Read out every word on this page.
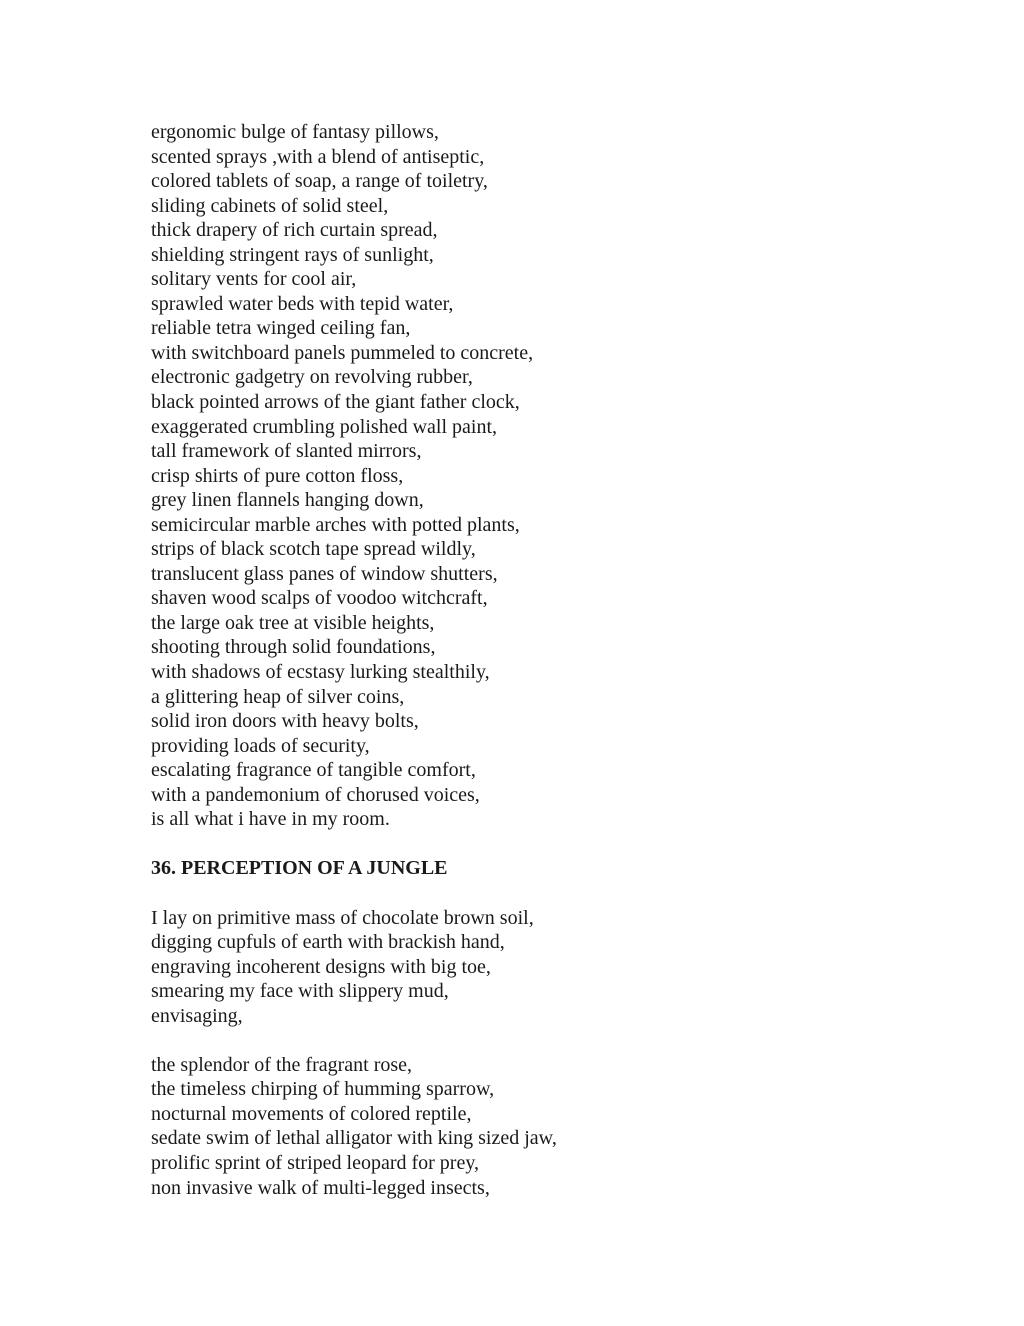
ergonomic bulge of fantasy pillows,
scented sprays ,with a blend of antiseptic,
colored tablets of soap, a range of toiletry,
sliding cabinets of solid steel,
thick drapery of rich curtain spread,
shielding stringent rays of sunlight,
solitary vents for cool air,
sprawled water beds with tepid water,
reliable tetra winged ceiling fan,
with switchboard panels pummeled to concrete,
electronic gadgetry on revolving rubber,
black pointed arrows of the giant father clock,
exaggerated crumbling polished wall paint,
tall framework of slanted mirrors,
crisp shirts of pure cotton floss,
grey linen flannels hanging down,
semicircular marble arches with potted plants,
strips of black scotch tape spread wildly,
translucent glass panes of window shutters,
shaven wood scalps of voodoo witchcraft,
the large oak tree at visible heights,
shooting through solid foundations,
with shadows of ecstasy lurking stealthily,
a glittering heap of silver coins,
solid iron doors with heavy bolts,
providing loads of security,
escalating fragrance of tangible comfort,
with a pandemonium of chorused voices,
is all what i have in my room.
36. PERCEPTION OF A JUNGLE
I lay on primitive mass of chocolate brown soil,
digging cupfuls of earth with brackish hand,
engraving incoherent designs with big toe,
smearing my face with slippery mud,
envisaging,
the splendor of the fragrant rose,
the timeless chirping of humming sparrow,
nocturnal movements of colored reptile,
sedate swim of lethal alligator with king sized jaw,
prolific sprint of striped leopard for prey,
non invasive walk of multi-legged insects,
